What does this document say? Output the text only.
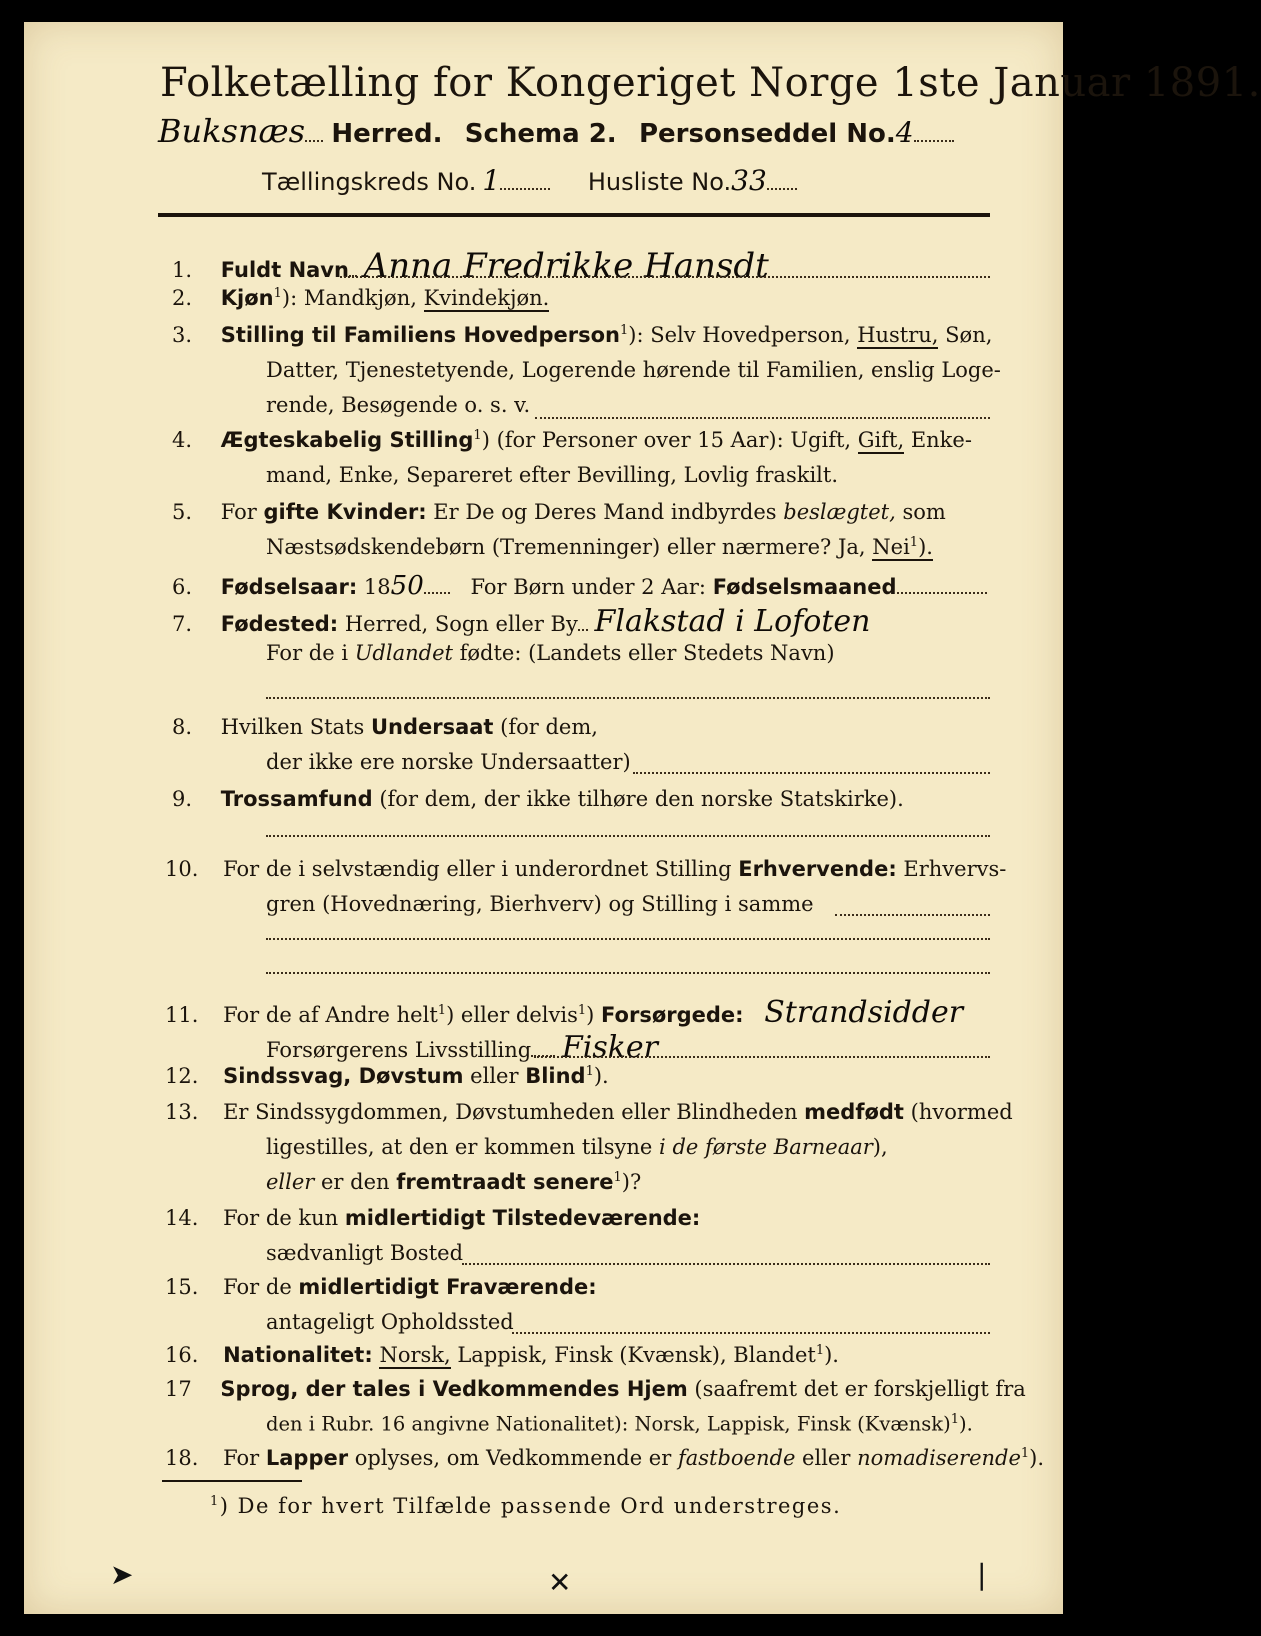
Folketælling for Kongeriget Norge 1ste Januar 1891.
Buksnæs Herred. Schema 2. Personseddel No.4
Tællingskreds No. 1	Husliste No.33
1. Fuldt Navn Anna Fredrikke Hansdt
2. Kjøn$^1$): Mandkjøn, Kvindekjøn.
3. Stilling til Familiens Hovedperson$^1$): Selv Hovedperson, Hustru, Søn,
Datter, Tjenestetyende, Logerende hørende til Familien, enslig Loge-
rende, Besøgende o. s. v.
4. Ægteskabelig Stilling$^1$) (for Personer over 15 Aar): Ugift, Gift, Enke-
mand, Enke, Separeret efter Bevilling, Lovlig fraskilt.
5. For gifte Kvinder: Er De og Deres Mand indbyrdes beslægtet, som
Næstsødskendebørn (Tremenninger) eller nærmere? Ja, Nei$^1$).
6. Fødselsaar: 1850 For Børn under 2 Aar: Fødselsmaaned
7. Fødested: Herred, Sogn eller By Flakstad i Lofoten
For de i Udlandet fødte: (Landets eller Stedets Navn)
8. Hvilken Stats Undersaat (for dem,
der ikke ere norske Undersaatter)
9. Trossamfund (for dem, der ikke tilhøre den norske Statskirke).
10. For de i selvstændig eller i underordnet Stilling Erhvervende: Erhvervs-
gren (Hovednæring, Bierhverv) og Stilling i samme
11. For de af Andre helt$^1$) eller delvis$^1$) Forsørgede: Strandsidder
Forsørgerens Livsstilling Fisker
12. Sindssvag, Døvstum eller Blind$^1$).
13. Er Sindssygdommen, Døvstumheden eller Blindheden medfødt (hvormed
ligestilles, at den er kommen tilsyne i de første Barneaar),
eller er den fremtraadt senere$^1$)?
14. For de kun midlertidigt Tilstedeværende:
sædvanligt Bosted
15. For de midlertidigt Fraværende:
antageligt Opholdssted
16. Nationalitet: Norsk, Lappisk, Finsk (Kvænsk), Blandet$^1$).
17 Sprog, der tales i Vedkommendes Hjem (saafremt det er forskjelligt fra
den i Rubr. 16 angivne Nationalitet): Norsk, Lappisk, Finsk (Kvænsk)$^1$).
18. For Lapper oplyses, om Vedkommende er fastboende eller nomadiserende$^1$).
$^1$) De for hvert Tilfælde passende Ord understreges.
➤	✕	❘
